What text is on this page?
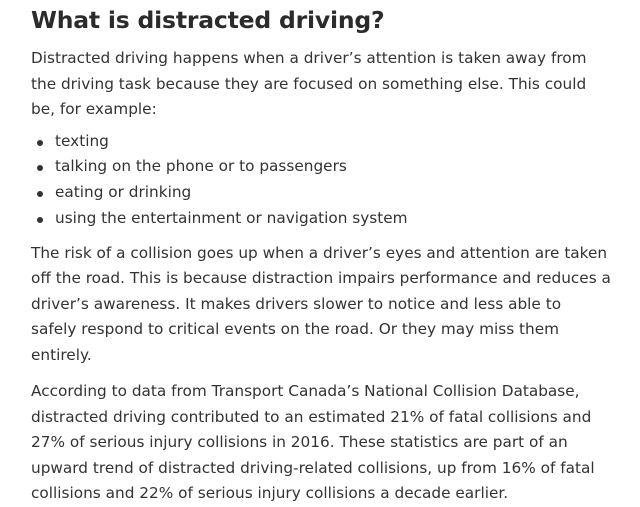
What is distracted driving?

Distracted driving happens when a driver’s attention is taken away from the driving task because they are focused on something else. This could be, for example:

texting
talking on the phone or to passengers
eating or drinking
using the entertainment or navigation system

The risk of a collision goes up when a driver’s eyes and attention are taken off the road. This is because distraction impairs performance and reduces a driver’s awareness. It makes drivers slower to notice and less able to safely respond to critical events on the road. Or they may miss them entirely.

According to data from Transport Canada’s National Collision Database, distracted driving contributed to an estimated 21% of fatal collisions and 27% of serious injury collisions in 2016. These statistics are part of an upward trend of distracted driving-related collisions, up from 16% of fatal collisions and 22% of serious injury collisions a decade earlier.
